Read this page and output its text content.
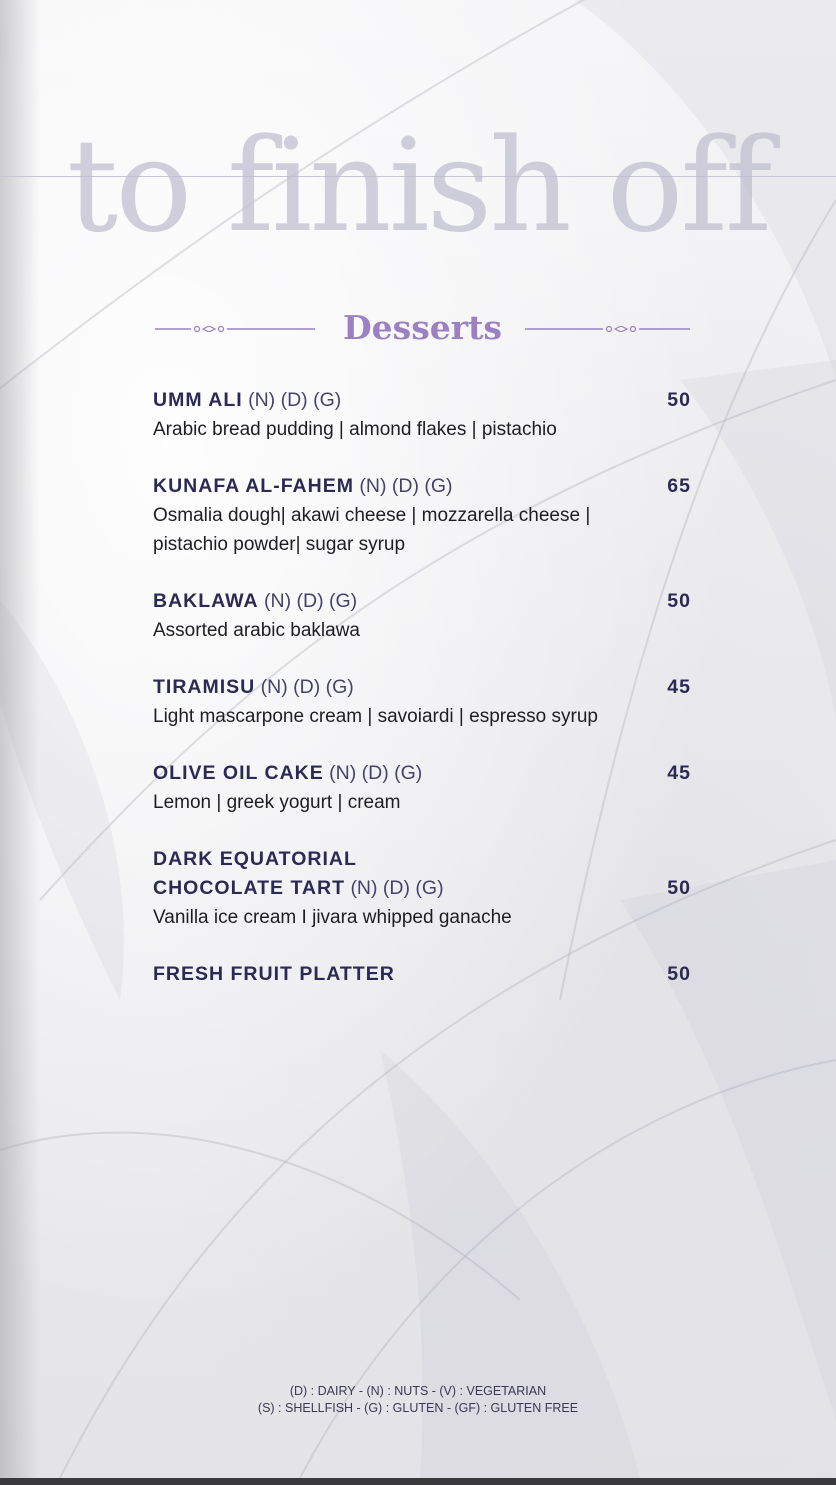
to finish off
Desserts
UMM ALI (N) (D) (G)	50
Arabic bread pudding | almond flakes | pistachio
KUNAFA AL-FAHEM (N) (D) (G)	65
Osmalia dough| akawi cheese | mozzarella cheese |
pistachio powder| sugar syrup
BAKLAWA (N) (D) (G)	50
Assorted arabic baklawa
TIRAMISU (N) (D) (G)	45
Light mascarpone cream | savoiardi | espresso syrup
OLIVE OIL CAKE (N) (D) (G)	45
Lemon | greek yogurt | cream
DARK EQUATORIAL
CHOCOLATE TART (N) (D) (G)	50
Vanilla ice cream I jivara whipped ganache
FRESH FRUIT PLATTER	50
(D) : DAIRY - (N) : NUTS - (V) : VEGETARIAN
(S) : SHELLFISH - (G) : GLUTEN - (GF) : GLUTEN FREE
